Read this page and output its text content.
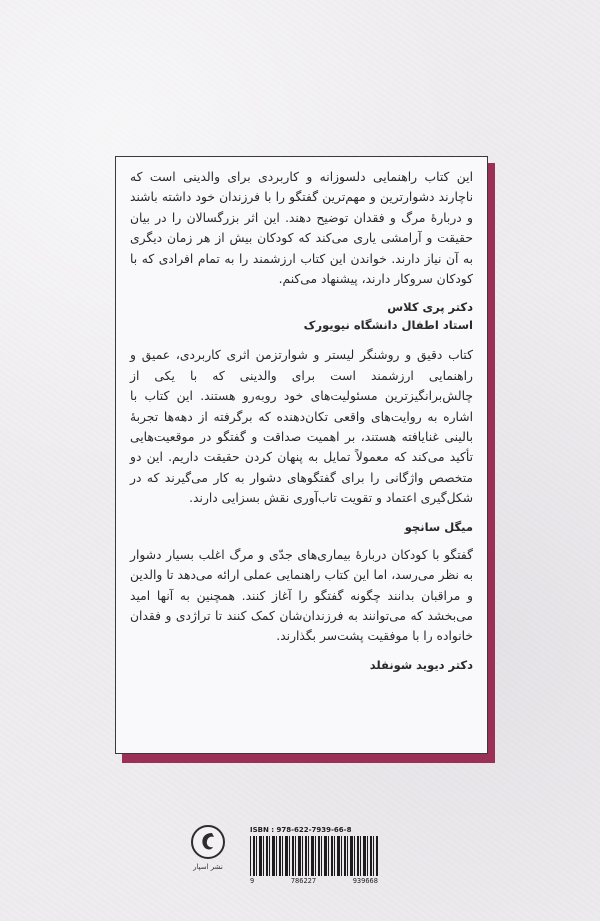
این کتاب راهنمایی دلسوزانه و کاربردی برای والدینی است که ناچارند دشوارترین و مهم‌ترین گفتگو را با فرزندان خود داشته باشند و دربارهٔ مرگ و فقدان توضیح دهند. این اثر بزرگسالان را در بیان حقیقت و آرامشی یاری می‌کند که کودکان بیش از هر زمان دیگری به آن نیاز دارند. خواندن این کتاب ارزشمند را به تمام افرادی که با کودکان سروکار دارند، پیشنهاد می‌کنم.

دکتر پری کلاس

استاد اطفال دانشگاه نیویورک

کتاب دقیق و روشنگر لیستر و شوارتزمن اثری کاربردی، عمیق و راهنمایی ارزشمند است برای والدینی که با یکی از چالش‌برانگیزترین مسئولیت‌های خود روبه‌رو هستند. این کتاب با اشاره به روایت‌های واقعی تکان‌دهنده که برگرفته از دهه‌ها تجربهٔ بالینی غنایافته هستند، بر اهمیت صداقت و گفتگو در موقعیت‌هایی تأکید می‌کند که معمولاً تمایل به پنهان کردن حقیقت داریم. این دو متخصص واژگانی را برای گفتگوهای دشوار به کار می‌گیرند که در شکل‌گیری اعتماد و تقویت تاب‌آوری نقش بسزایی دارند.

میگل سانچو

گفتگو با کودکان دربارهٔ بیماری‌های جدّی و مرگ اغلب بسیار دشوار به نظر می‌رسد، اما این کتاب راهنمایی عملی ارائه می‌دهد تا والدین و مراقبان بدانند چگونه گفتگو را آغاز کنند. همچنین به آنها امید می‌بخشد که می‌توانند به فرزندان‌شان کمک کنند تا تراژدی و فقدان خانواده را با موفقیت پشت‌سر بگذارند.

دکتر دیوید شونفلد

نشر اسپار
ISBN : 978-622-7939-66-8
9	786227	939668
